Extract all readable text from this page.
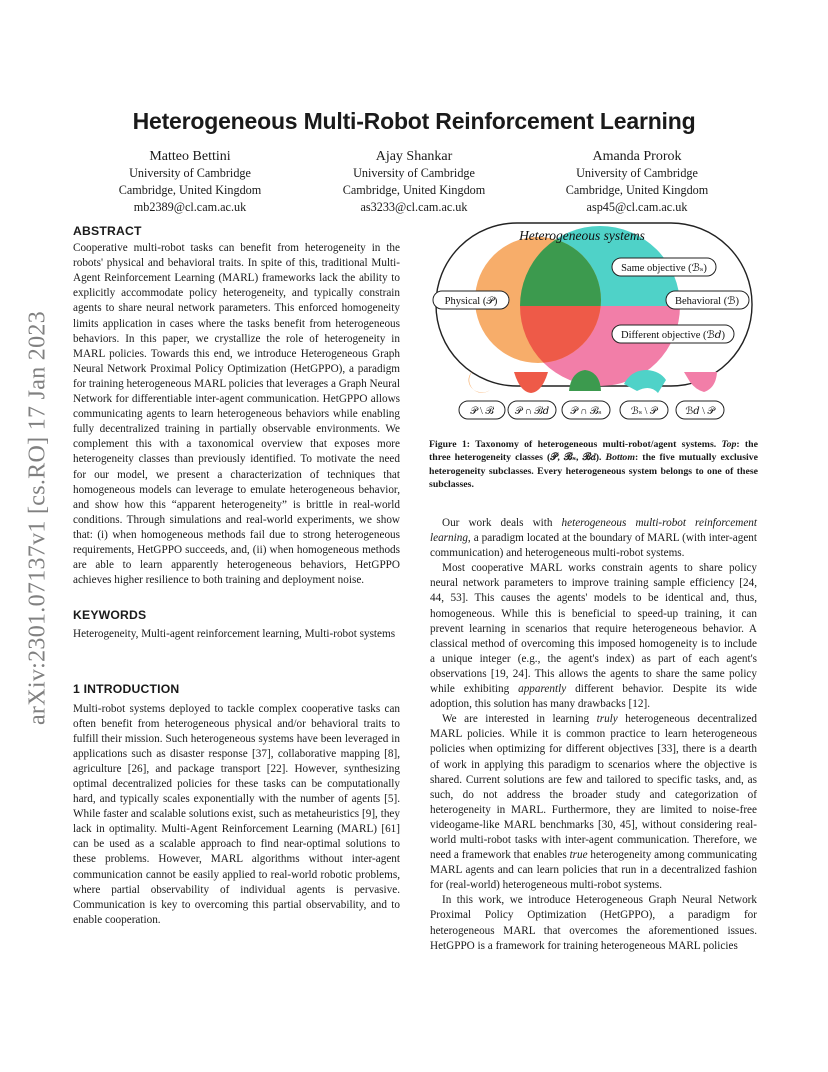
arXiv:2301.07137v1 [cs.RO] 17 Jan 2023
Heterogeneous Multi-Robot Reinforcement Learning
Matteo Bettini
University of Cambridge
Cambridge, United Kingdom
mb2389@cl.cam.ac.uk
Ajay Shankar
University of Cambridge
Cambridge, United Kingdom
as3233@cl.cam.ac.uk
Amanda Prorok
University of Cambridge
Cambridge, United Kingdom
asp45@cl.cam.ac.uk
ABSTRACT

Cooperative multi-robot tasks can benefit from heterogeneity in the robots' physical and behavioral traits. In spite of this, traditional Multi-Agent Reinforcement Learning (MARL) frameworks lack the ability to explicitly accommodate policy heterogeneity, and typically constrain agents to share neural network parameters. This enforced homogeneity limits application in cases where the tasks benefit from heterogeneous behaviors. In this paper, we crystallize the role of heterogeneity in MARL policies. Towards this end, we introduce Heterogeneous Graph Neural Network Proximal Policy Optimization (HetGPPO), a paradigm for training heterogeneous MARL policies that leverages a Graph Neural Network for differentiable inter-agent communication. HetGPPO allows communicating agents to learn heterogeneous behaviors while enabling fully decentralized training in partially observable environments. We complement this with a taxonomical overview that exposes more heterogeneity classes than previously identified. To motivate the need for our model, we present a characterization of techniques that homogeneous models can leverage to emulate heterogeneous behavior, and show how this “apparent heterogeneity” is brittle in real-world conditions. Through simulations and real-world experiments, we show that: (i) when homogeneous methods fail due to strong heterogeneous requirements, HetGPPO succeeds, and, (ii) when homogeneous methods are able to learn apparently heterogeneous behaviors, HetGPPO achieves higher resilience to both training and deployment noise.

KEYWORDS

Heterogeneity, Multi-agent reinforcement learning, Multi-robot systems

1 INTRODUCTION

Multi-robot systems deployed to tackle complex cooperative tasks can often benefit from heterogeneous physical and/or behavioral traits to fulfill their mission. Such heterogeneous systems have been leveraged in applications such as disaster response [37], collaborative mapping [8], agriculture [26], and package transport [22]. However, synthesizing optimal decentralized policies for these tasks can be computationally hard, and typically scales exponentially with the number of agents [5]. While faster and scalable solutions exist, such as metaheuristics [9], they lack in optimality. Multi-Agent Reinforcement Learning (MARL) [61] can be used as a scalable approach to find near-optimal solutions to these problems. However, MARL algorithms without inter-agent communication cannot be easily applied to real-world robotic problems, where partial observability of individual agents is pervasive. Communication is key to overcoming this partial observability, and to enable cooperation.

Heterogeneous systems
Physical (𝒫)
Same objective (ℬₛ)
Behavioral (ℬ)
Different objective (ℬ𝑑)
𝒫 \ ℬ 𝒫 ∩ ℬ𝑑 𝒫 ∩ ℬₛ	ℬₛ \ 𝒫	ℬ𝑑 \ 𝒫
Figure 1: Taxonomy of heterogeneous multi-robot/agent systems. Top: the three heterogeneity classes (𝒫, ℬₛ, ℬ𝑑). Bottom: the five mutually exclusive heterogeneity subclasses. Every heterogeneous system belongs to one of these subclasses.

Our work deals with heterogeneous multi-robot reinforcement learning, a paradigm located at the boundary of MARL (with inter-agent communication) and heterogeneous multi-robot systems.

Most cooperative MARL works constrain agents to share policy neural network parameters to improve training sample efficiency [24, 44, 53]. This causes the agents' models to be identical and, thus, homogeneous. While this is beneficial to speed-up training, it can prevent learning in scenarios that require heterogeneous behavior. A classical method of overcoming this imposed homogeneity is to include a unique integer (e.g., the agent's index) as part of each agent's observations [19, 24]. This allows the agents to share the same policy while exhibiting apparently different behavior. Despite its wide adoption, this solution has many drawbacks [12].

We are interested in learning truly heterogeneous decentralized MARL policies. While it is common practice to learn heterogeneous policies when optimizing for different objectives [33], there is a dearth of work in applying this paradigm to scenarios where the objective is shared. Current solutions are few and tailored to specific tasks, and, as such, do not address the broader study and categorization of heterogeneity in MARL. Furthermore, they are limited to noise-free videogame-like MARL benchmarks [30, 45], without considering real-world multi-robot tasks with inter-agent communication. Therefore, we need a framework that enables true heterogeneity among communicating MARL agents and can learn policies that run in a decentralized fashion for (real-world) heterogeneous multi-robot systems.

In this work, we introduce Heterogeneous Graph Neural Network Proximal Policy Optimization (HetGPPO), a paradigm for heterogeneous MARL that overcomes the aforementioned issues. HetGPPO is a framework for training heterogeneous MARL policies
